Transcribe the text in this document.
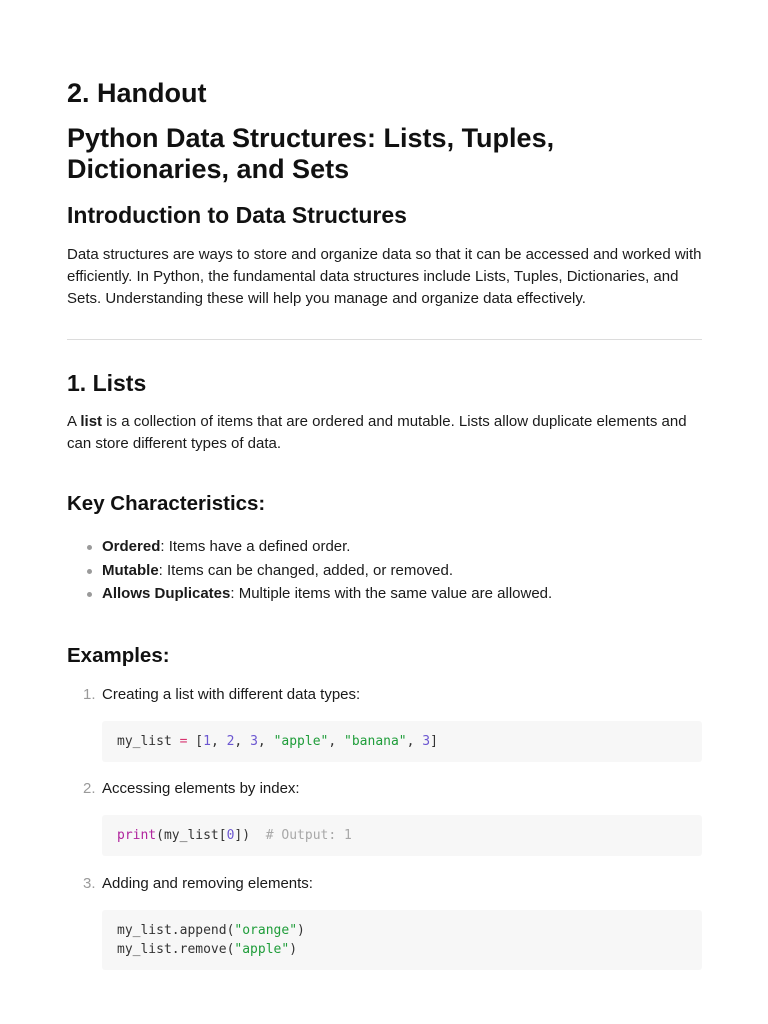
2. Handout
Python Data Structures: Lists, Tuples, Dictionaries, and Sets
Introduction to Data Structures

Data structures are ways to store and organize data so that it can be accessed and worked with efficiently. In Python, the fundamental data structures include Lists, Tuples, Dictionaries, and Sets. Understanding these will help you manage and organize data effectively.

1. Lists

A list is a collection of items that are ordered and mutable. Lists allow duplicate elements and can store different types of data.

Key Characteristics:
Ordered: Items have a defined order.
Mutable: Items can be changed, added, or removed.
Allows Duplicates: Multiple items with the same value are allowed.
Examples:
1. Creating a list with different data types:
my_list = [1, 2, 3, "apple", "banana", 3]
2. Accessing elements by index:
print(my_list[0]) # Output: 1
3. Adding and removing elements:
my_list.append("orange")
my_list.remove("apple")
